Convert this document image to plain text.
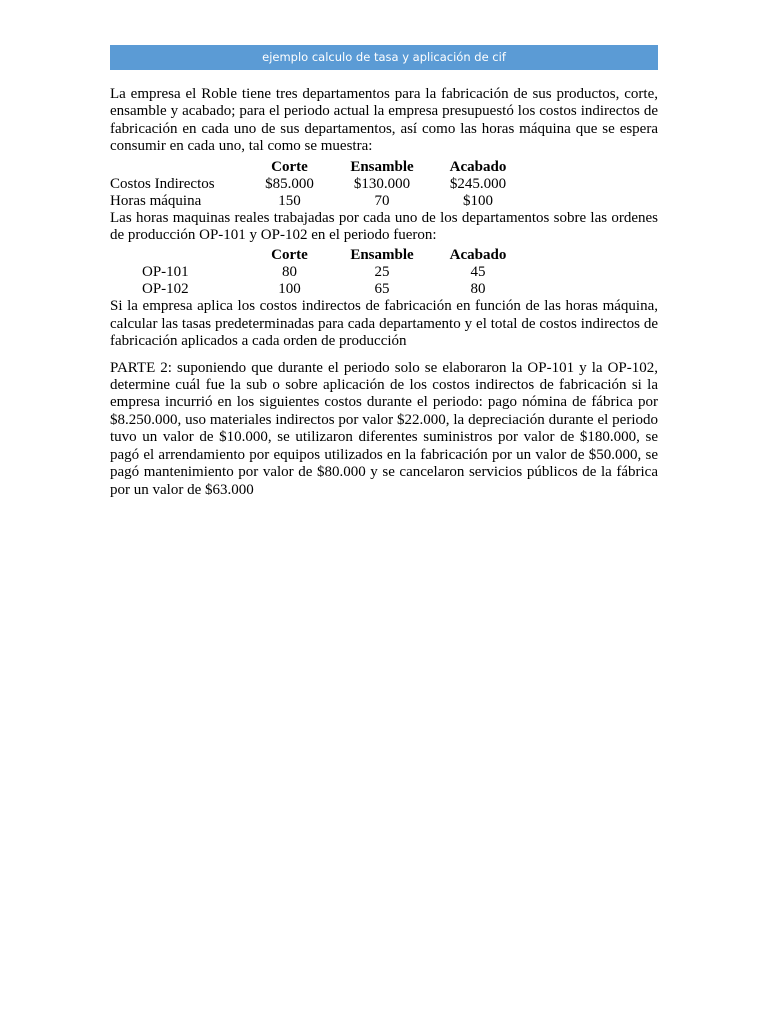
ejemplo calculo de tasa y aplicación de cif

La empresa el Roble tiene tres departamentos para la fabricación de sus productos, corte, ensamble y acabado; para el periodo actual la empresa presupuestó los costos indirectos de fabricación en cada uno de sus departamentos, así como las horas máquina que se espera consumir en cada uno, tal como se muestra:

	Corte	Ensamble	Acabado
Costos Indirectos	$85.000	$130.000	$245.000
Horas máquina	150	70	$100

Las horas maquinas reales trabajadas por cada uno de los departamentos sobre las ordenes de producción OP-101 y OP-102 en el periodo fueron:

	Corte	Ensamble	Acabado
OP-101	80	25	45
OP-102	100	65	80

Si la empresa aplica los costos indirectos de fabricación en función de las horas máquina, calcular las tasas predeterminadas para cada departamento y el total de costos indirectos de fabricación aplicados a cada orden de producción

PARTE 2: suponiendo que durante el periodo solo se elaboraron la OP-101 y la OP-102, determine cuál fue la sub o sobre aplicación de los costos indirectos de fabricación si la empresa incurrió en los siguientes costos durante el periodo: pago nómina de fábrica por $8.250.000, uso materiales indirectos por valor $22.000, la depreciación durante el periodo tuvo un valor de $10.000, se utilizaron diferentes suministros por valor de $180.000, se pagó el arrendamiento por equipos utilizados en la fabricación por un valor de $50.000, se pagó mantenimiento por valor de $80.000 y se cancelaron servicios públicos de la fábrica por un valor de $63.000
